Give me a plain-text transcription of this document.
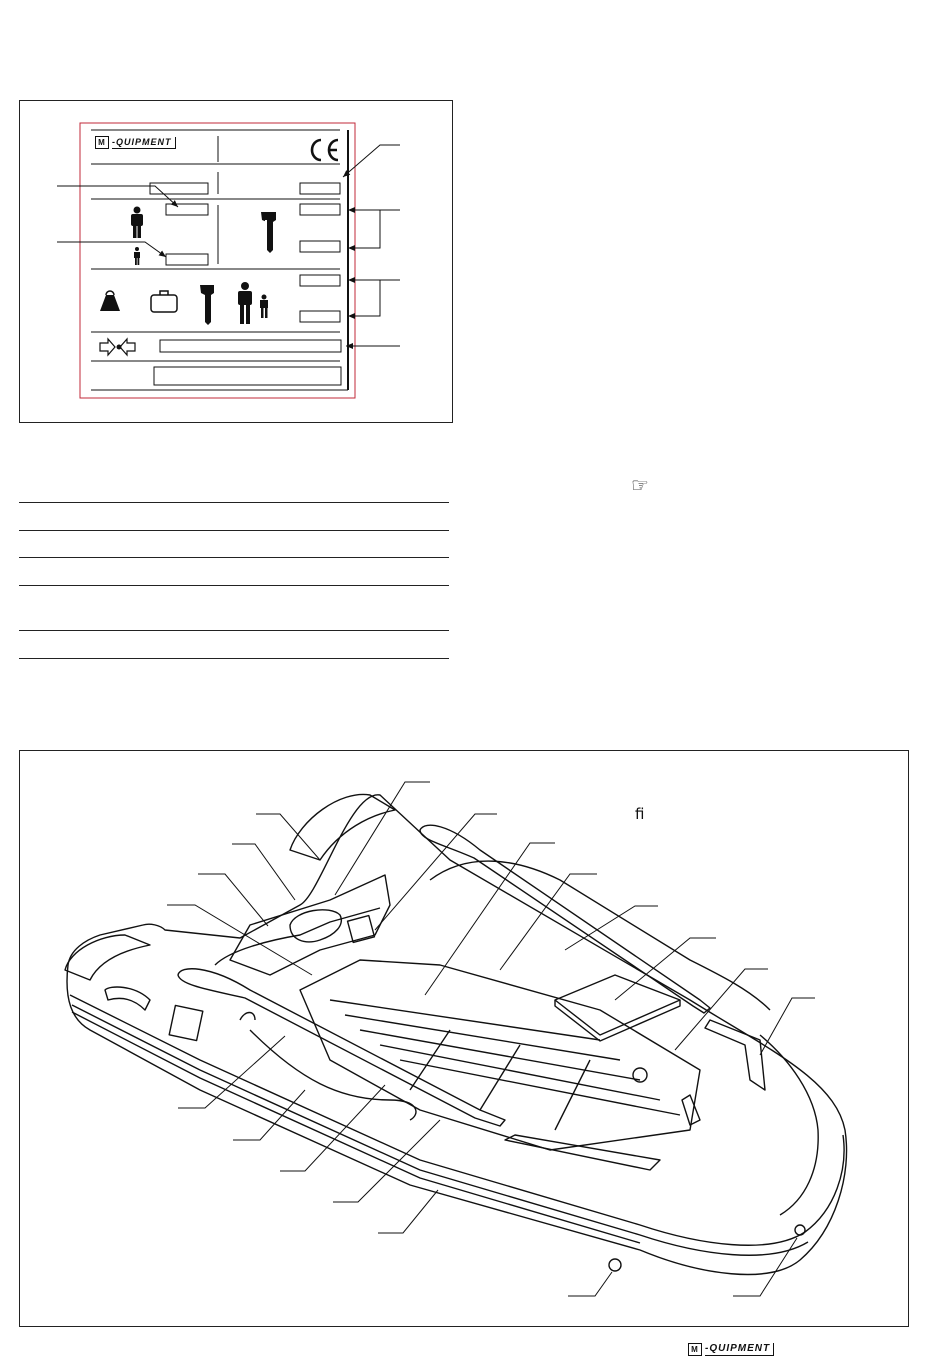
M -QUIPMENT
☞
ﬁ
M -QUIPMENT
